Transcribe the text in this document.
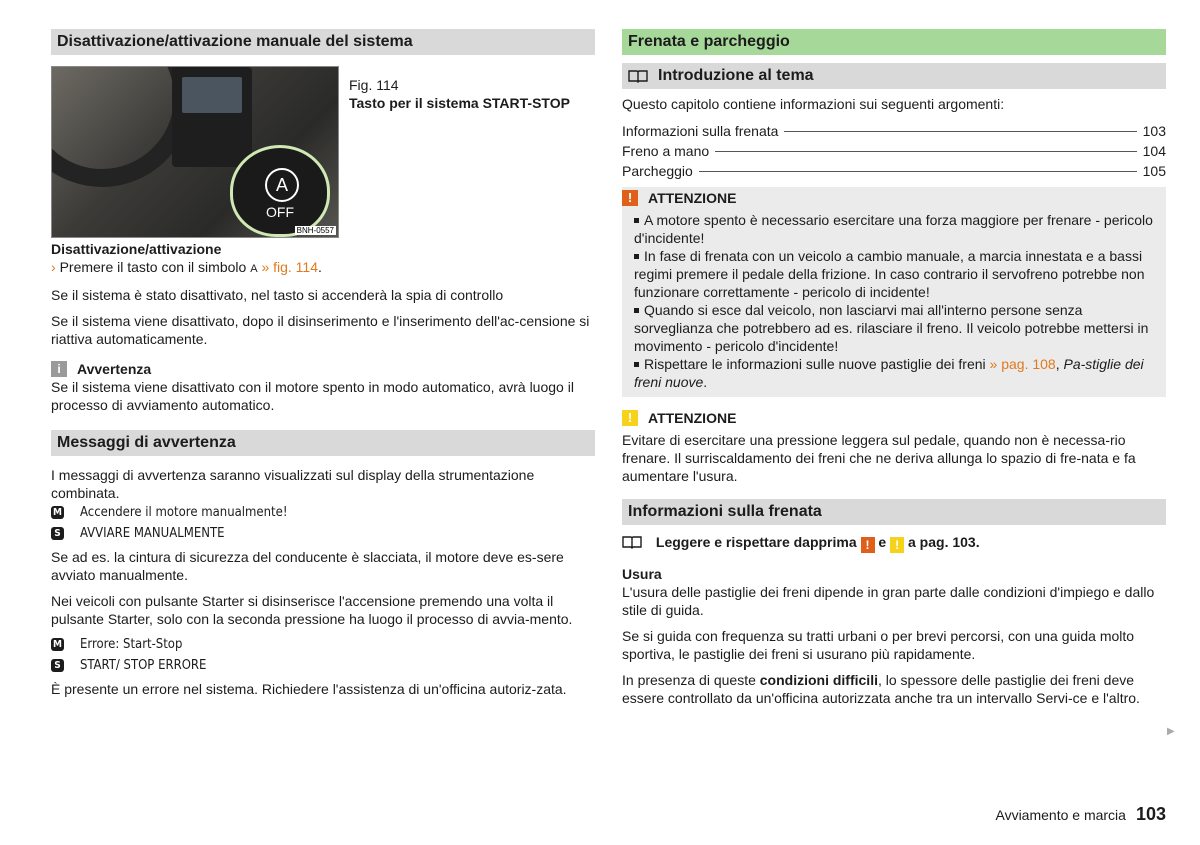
Disattivazione/attivazione manuale del sistema
A
OFF
BNH-0557
Fig. 114
Tasto per il sistema START-STOP

Disattivazione/attivazione

› Premere il tasto con il simbolo A » fig. 114.

Se il sistema è stato disattivato, nel tasto si accenderà la spia di controllo

Se il sistema viene disattivato, dopo il disinserimento e l'inserimento dell'ac-censione si riattiva automaticamente.

i	Avvertenza

Se il sistema viene disattivato con il motore spento in modo automatico, avrà luogo il processo di avviamento automatico.

Messaggi di avvertenza

I messaggi di avvertenza saranno visualizzati sul display della strumentazione combinata.

M Accendere il motore manualmente!
S AVVIARE MANUALMENTE

Se ad es. la cintura di sicurezza del conducente è slacciata, il motore deve es-sere avviato manualmente.

Nei veicoli con pulsante Starter si disinserisce l'accensione premendo una volta il pulsante Starter, solo con la seconda pressione ha luogo il processo di avvia-mento.

M Errore: Start-Stop
S START/ STOP ERRORE

È presente un errore nel sistema. Richiedere l'assistenza di un'officina autoriz-zata.

Frenata e parcheggio
Introduzione al tema

Questo capitolo contiene informazioni sui seguenti argomenti:

Informazioni sulla frenata	103
Freno a mano	104
Parcheggio	105
!	ATTENZIONE
A motore spento è necessario esercitare una forza maggiore per frenare - pericolo d'incidente!
In fase di frenata con un veicolo a cambio manuale, a marcia innestata e a bassi regimi premere il pedale della frizione. In caso contrario il servofreno potrebbe non funzionare correttamente - pericolo di incidente!
Quando si esce dal veicolo, non lasciarvi mai all'interno persone senza sorveglianza che potrebbero ad es. rilasciare il freno. Il veicolo potrebbe mettersi in movimento - pericolo d'incidente!
Rispettare le informazioni sulle nuove pastiglie dei freni » pag. 108, Pa-stiglie dei freni nuove.
!	ATTENZIONE

Evitare di esercitare una pressione leggera sul pedale, quando non è necessa-rio frenare. Il surriscaldamento dei freni che ne deriva allunga lo spazio di fre-nata e fa aumentare l'usura.

Informazioni sulla frenata

Leggere e rispettare dapprima ! e ! a pag. 103.

Usura

L'usura delle pastiglie dei freni dipende in gran parte dalle condizioni d'impiego e dallo stile di guida.

Se si guida con frequenza su tratti urbani o per brevi percorsi, con una guida molto sportiva, le pastiglie dei freni si usurano più rapidamente.

In presenza di queste condizioni difficili, lo spessore delle pastiglie dei freni deve essere controllato da un'officina autorizzata anche tra un intervallo Servi-ce e l'altro.

▶
Avviamento e marcia 103
